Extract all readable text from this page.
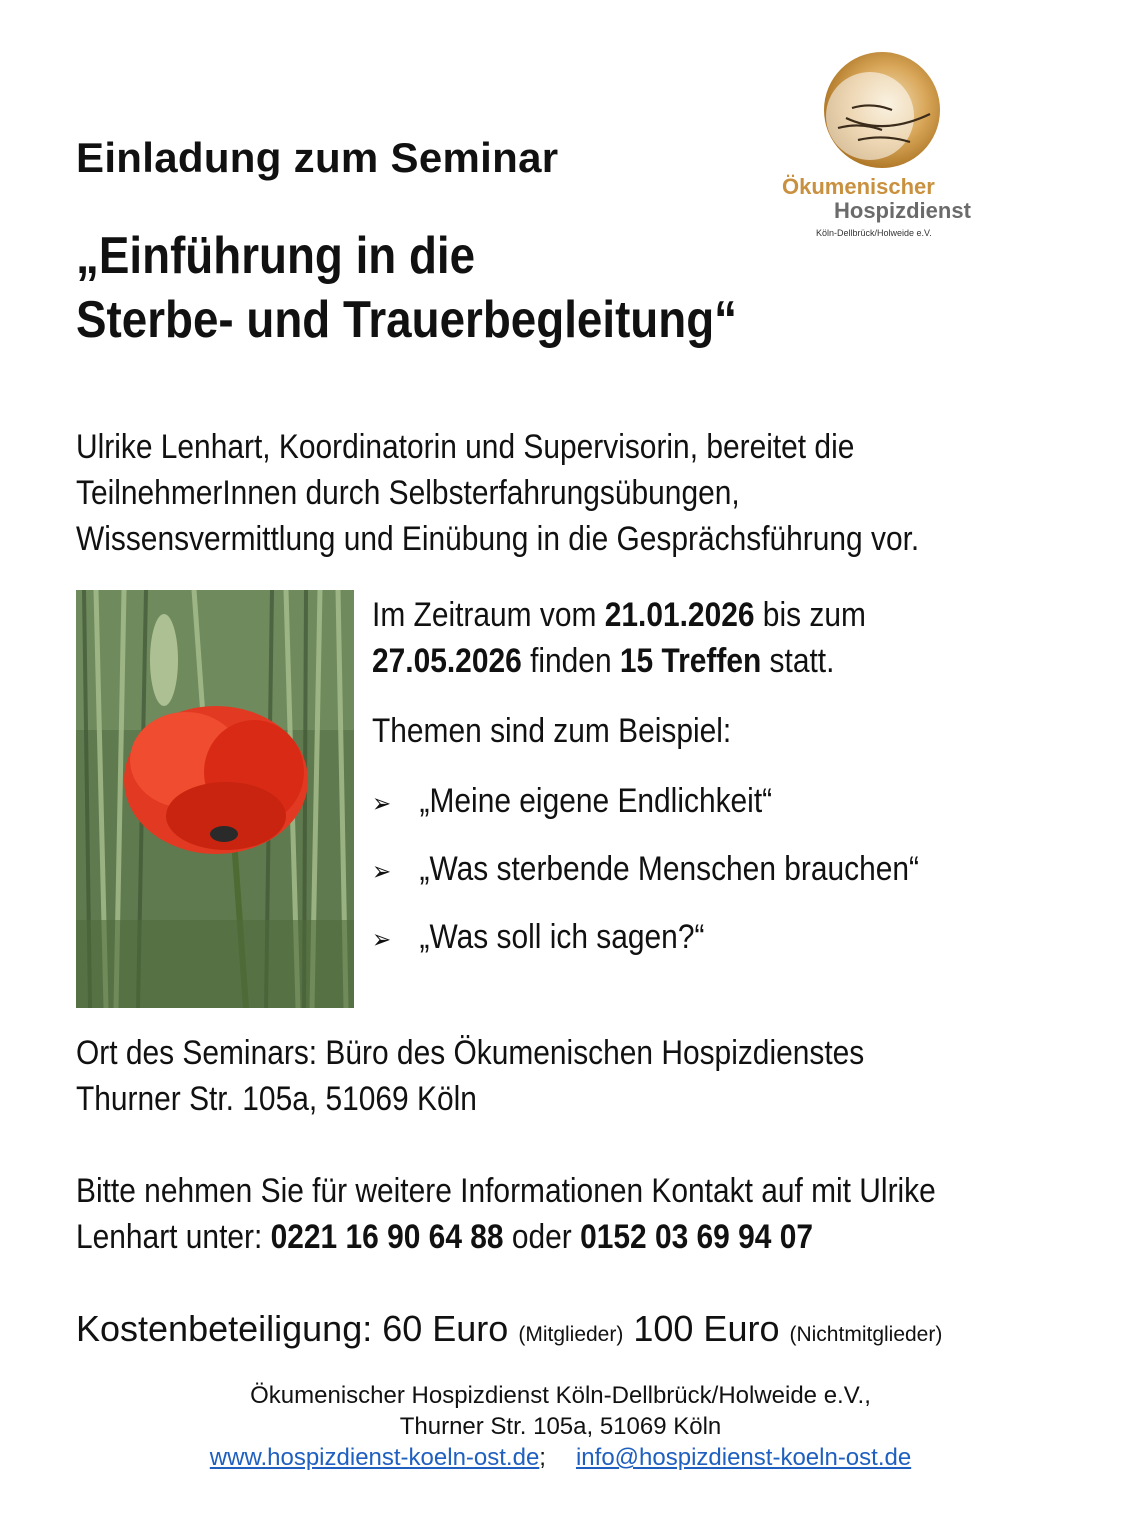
Ökumenischer
Hospizdienst
Köln-Dellbrück/Holweide e.V.
Einladung zum Seminar
„Einführung in die
Sterbe- und Trauerbegleitung“
Ulrike Lenhart, Koordinatorin und Supervisorin, bereitet die
TeilnehmerInnen durch Selbsterfahrungsübungen,
Wissensvermittlung und Einübung in die Gesprächsführung vor.
Im Zeitraum vom 21.01.2026 bis zum
27.05.2026 finden 15 Treffen statt.
Themen sind zum Beispiel:
➢ „Meine eigene Endlichkeit“
➢ „Was sterbende Menschen brauchen“
➢ „Was soll ich sagen?“
Ort des Seminars: Büro des Ökumenischen Hospizdienstes
Thurner Str. 105a, 51069 Köln
Bitte nehmen Sie für weitere Informationen Kontakt auf mit Ulrike
Lenhart unter: 0221 16 90 64 88 oder 0152 03 69 94 07
Kostenbeteiligung: 60 Euro (Mitglieder) 100 Euro (Nichtmitglieder)
Ökumenischer Hospizdienst Köln-Dellbrück/Holweide e.V.,
Thurner Str. 105a, 51069 Köln
www.hospizdienst-koeln-ost.de; info@hospizdienst-koeln-ost.de
